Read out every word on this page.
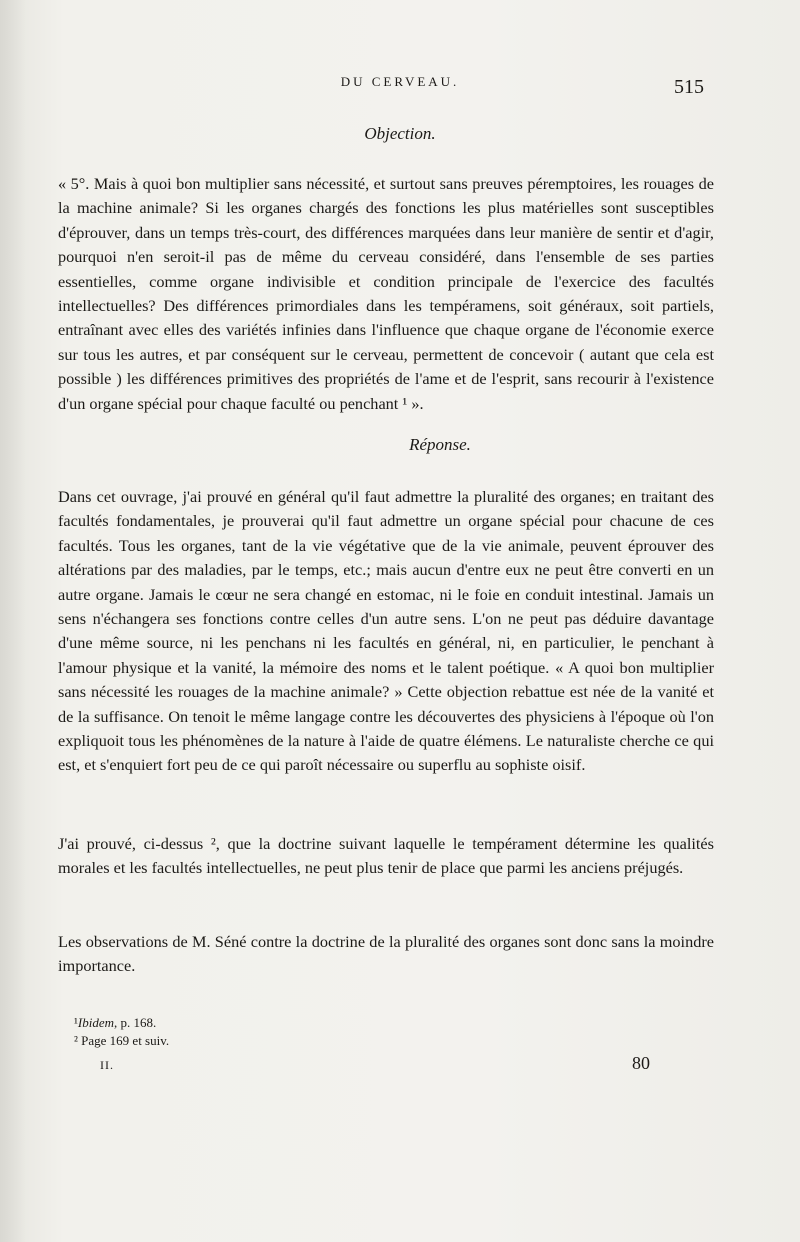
DU CERVEAU.	515
Objection.
« 5°. Mais à quoi bon multiplier sans nécessité, et surtout sans preuves péremptoires, les rouages de la machine animale? Si les organes chargés des fonctions les plus matérielles sont susceptibles d'éprouver, dans un temps très-court, des différences marquées dans leur manière de sentir et d'agir, pourquoi n'en seroit-il pas de même du cerveau considéré, dans l'ensemble de ses parties essentielles, comme organe indivisible et condition principale de l'exercice des facultés intellectuelles? Des différences primordiales dans les tempéramens, soit généraux, soit partiels, entraînant avec elles des variétés infinies dans l'influence que chaque organe de l'économie exerce sur tous les autres, et par conséquent sur le cerveau, permettent de concevoir ( autant que cela est possible ) les différences primitives des propriétés de l'ame et de l'esprit, sans recourir à l'existence d'un organe spécial pour chaque faculté ou penchant ¹ ».
Réponse.
Dans cet ouvrage, j'ai prouvé en général qu'il faut admettre la pluralité des organes; en traitant des facultés fondamentales, je prouverai qu'il faut admettre un organe spécial pour chacune de ces facultés. Tous les organes, tant de la vie végétative que de la vie animale, peuvent éprouver des altérations par des maladies, par le temps, etc.; mais aucun d'entre eux ne peut être converti en un autre organe. Jamais le cœur ne sera changé en estomac, ni le foie en conduit intestinal. Jamais un sens n'échangera ses fonctions contre celles d'un autre sens. L'on ne peut pas déduire davantage d'une même source, ni les penchans ni les facultés en général, ni, en particulier, le penchant à l'amour physique et la vanité, la mémoire des noms et le talent poétique. « A quoi bon multiplier sans nécessité les rouages de la machine animale? » Cette objection rebattue est née de la vanité et de la suffisance. On tenoit le même langage contre les découvertes des physiciens à l'époque où l'on expliquoit tous les phénomènes de la nature à l'aide de quatre élémens. Le naturaliste cherche ce qui est, et s'enquiert fort peu de ce qui paroît nécessaire ou superflu au sophiste oisif.
J'ai prouvé, ci-dessus ², que la doctrine suivant laquelle le tempérament détermine les qualités morales et les facultés intellectuelles, ne peut plus tenir de place que parmi les anciens préjugés.
Les observations de M. Séné contre la doctrine de la pluralité des organes sont donc sans la moindre importance.
¹Ibidem, p. 168.
² Page 169 et suiv.
II.	80
